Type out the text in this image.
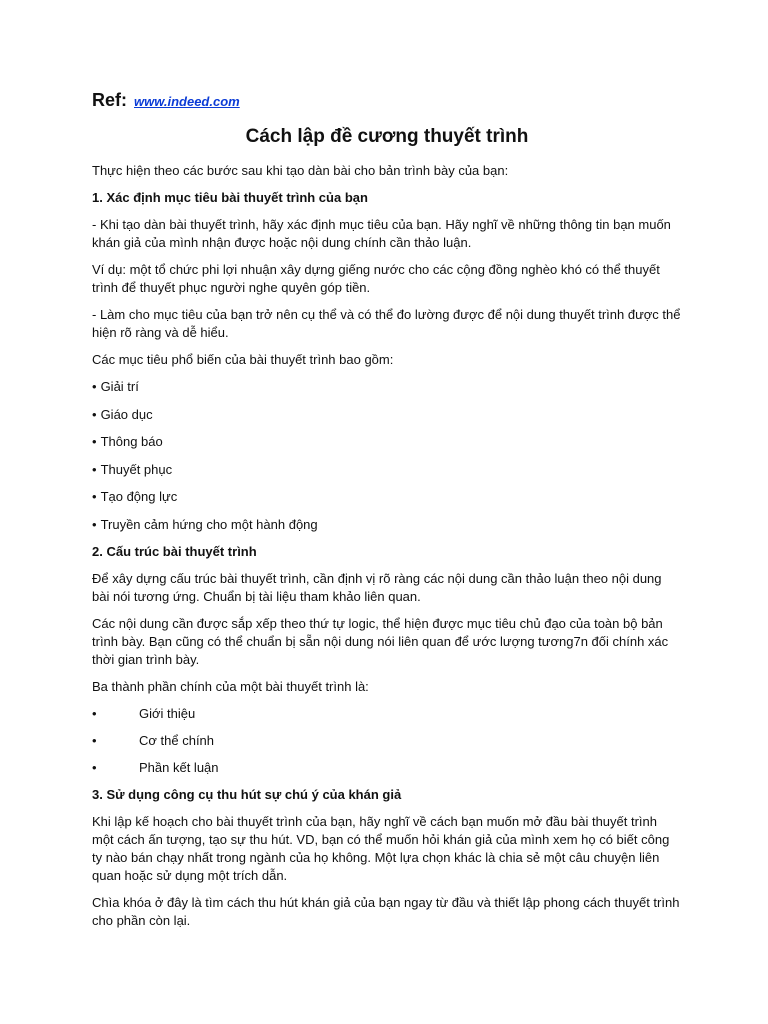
Ref: www.indeed.com
Cách lập đề cương thuyết trình

Thực hiện theo các bước sau khi tạo dàn bài cho bản trình bày của bạn:

1. Xác định mục tiêu bài thuyết trình của bạn

- Khi tạo dàn bài thuyết trình, hãy xác định mục tiêu của bạn. Hãy nghĩ về những thông tin bạn muốn khán giả của mình nhận được hoặc nội dung chính cần thảo luận.

Ví dụ: một tổ chức phi lợi nhuận xây dựng giếng nước cho các cộng đồng nghèo khó có thể thuyết trình để thuyết phục người nghe quyên góp tiền.

- Làm cho mục tiêu của bạn trở nên cụ thể và có thể đo lường được để nội dung thuyết trình được thể hiện rõ ràng và dễ hiểu.

Các mục tiêu phổ biến của bài thuyết trình bao gồm:

• Giải trí

• Giáo dục

• Thông báo

• Thuyết phục

• Tạo động lực

• Truyền cảm hứng cho một hành động

2. Cấu trúc bài thuyết trình

Để xây dựng cấu trúc bài thuyết trình, cần định vị rõ ràng các nội dung cần thảo luận theo nội dung bài nói tương ứng. Chuẩn bị tài liệu tham khảo liên quan.

Các nội dung cần được sắp xếp theo thứ tự logic, thể hiện được mục tiêu chủ đạo của toàn bộ bản trình bày. Bạn cũng có thể chuẩn bị sẵn nội dung nói liên quan để ước lượng tương7n đối chính xác thời gian trình bày.

Ba thành phần chính của một bài thuyết trình là:

•	Giới thiệu
•	Cơ thể chính
•	Phần kết luận

3. Sử dụng công cụ thu hút sự chú ý của khán giả

Khi lập kế hoạch cho bài thuyết trình của bạn, hãy nghĩ về cách bạn muốn mở đầu bài thuyết trình một cách ấn tượng, tạo sự thu hút. VD, bạn có thể muốn hỏi khán giả của mình xem họ có biết công ty nào bán chạy nhất trong ngành của họ không. Một lựa chọn khác là chia sẻ một câu chuyện liên quan hoặc sử dụng một trích dẫn.

Chìa khóa ở đây là tìm cách thu hút khán giả của bạn ngay từ đầu và thiết lập phong cách thuyết trình cho phần còn lại.
